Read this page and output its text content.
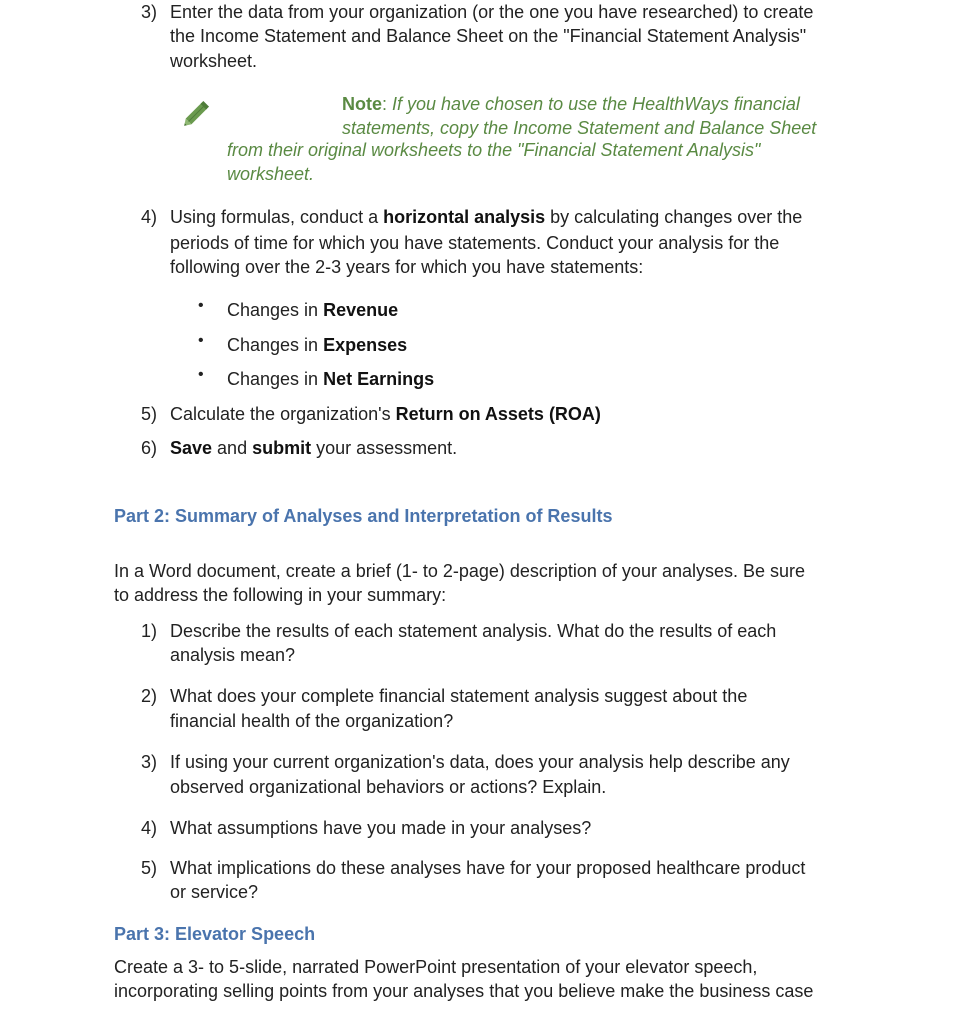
3) Enter the data from your organization (or the one you have researched) to create
the Income Statement and Balance Sheet on the "Financial Statement Analysis"
worksheet.
Note: If you have chosen to use the HealthWays financial
statements, copy the Income Statement and Balance Sheet
from their original worksheets to the "Financial Statement Analysis"
worksheet.
4) Using formulas, conduct a horizontal analysis by calculating changes over the
periods of time for which you have statements. Conduct your analysis for the
following over the 2-3 years for which you have statements:
• Changes in Revenue
• Changes in Expenses
• Changes in Net Earnings
5) Calculate the organization's Return on Assets (ROA)
6) Save and submit your assessment.
Part 2: Summary of Analyses and Interpretation of Results
In a Word document, create a brief (1- to 2-page) description of your analyses. Be sure
to address the following in your summary:
1) Describe the results of each statement analysis. What do the results of each
analysis mean?
2) What does your complete financial statement analysis suggest about the
financial health of the organization?
3) If using your current organization's data, does your analysis help describe any
observed organizational behaviors or actions? Explain.
4) What assumptions have you made in your analyses?
5) What implications do these analyses have for your proposed healthcare product
or service?
Part 3: Elevator Speech
Create a 3- to 5-slide, narrated PowerPoint presentation of your elevator speech,
incorporating selling points from your analyses that you believe make the business case
